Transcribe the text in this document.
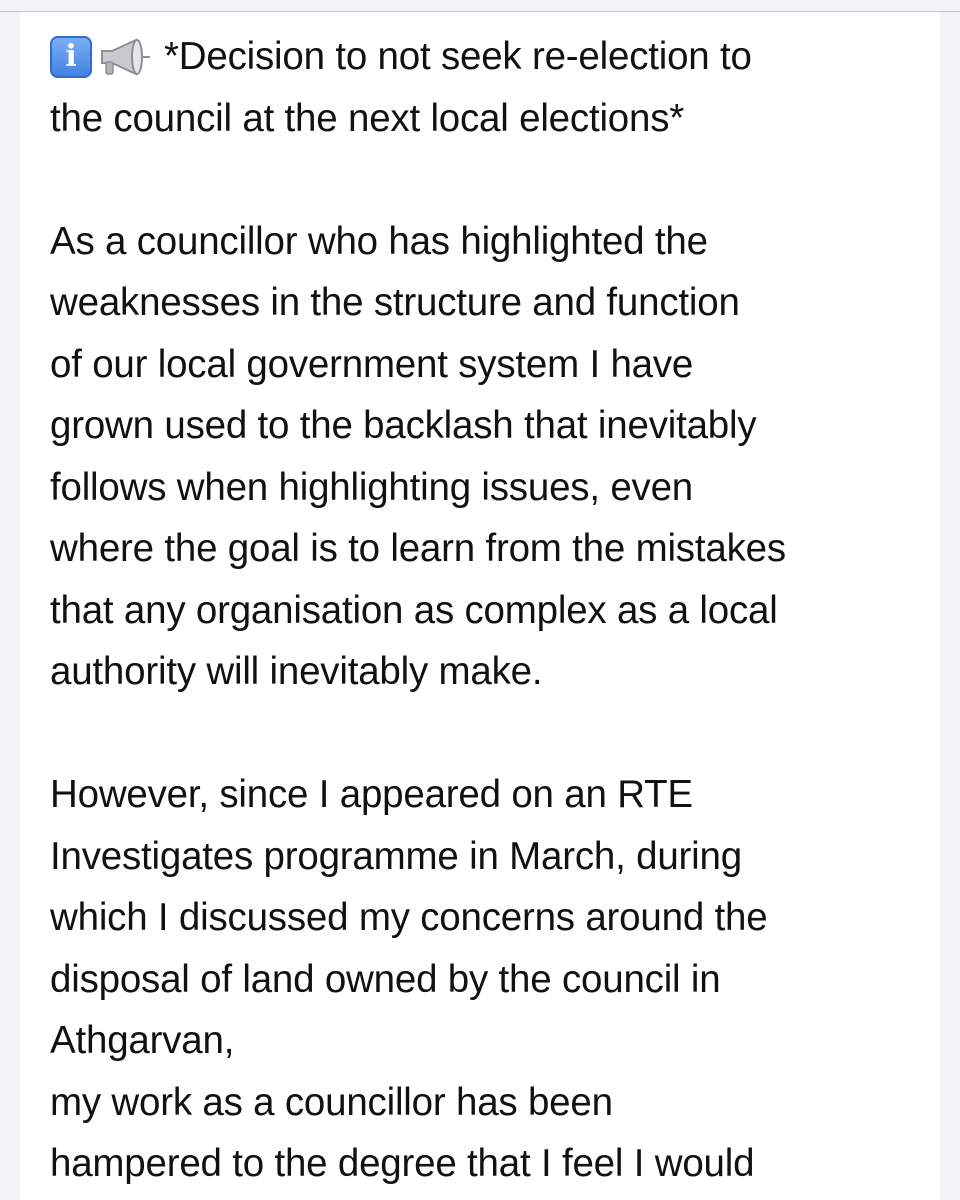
i	*Decision to not seek re-election to
the council at the next local elections*
As a councillor who has highlighted the
weaknesses in the structure and function
of our local government system I have
grown used to the backlash that inevitably
follows when highlighting issues, even
where the goal is to learn from the mistakes
that any organisation as complex as a local
authority will inevitably make.
However, since I appeared on an RTE
Investigates programme in March, during
which I discussed my concerns around the
disposal of land owned by the council in
Athgarvan,
my work as a councillor has been
hampered to the degree that I feel I would
